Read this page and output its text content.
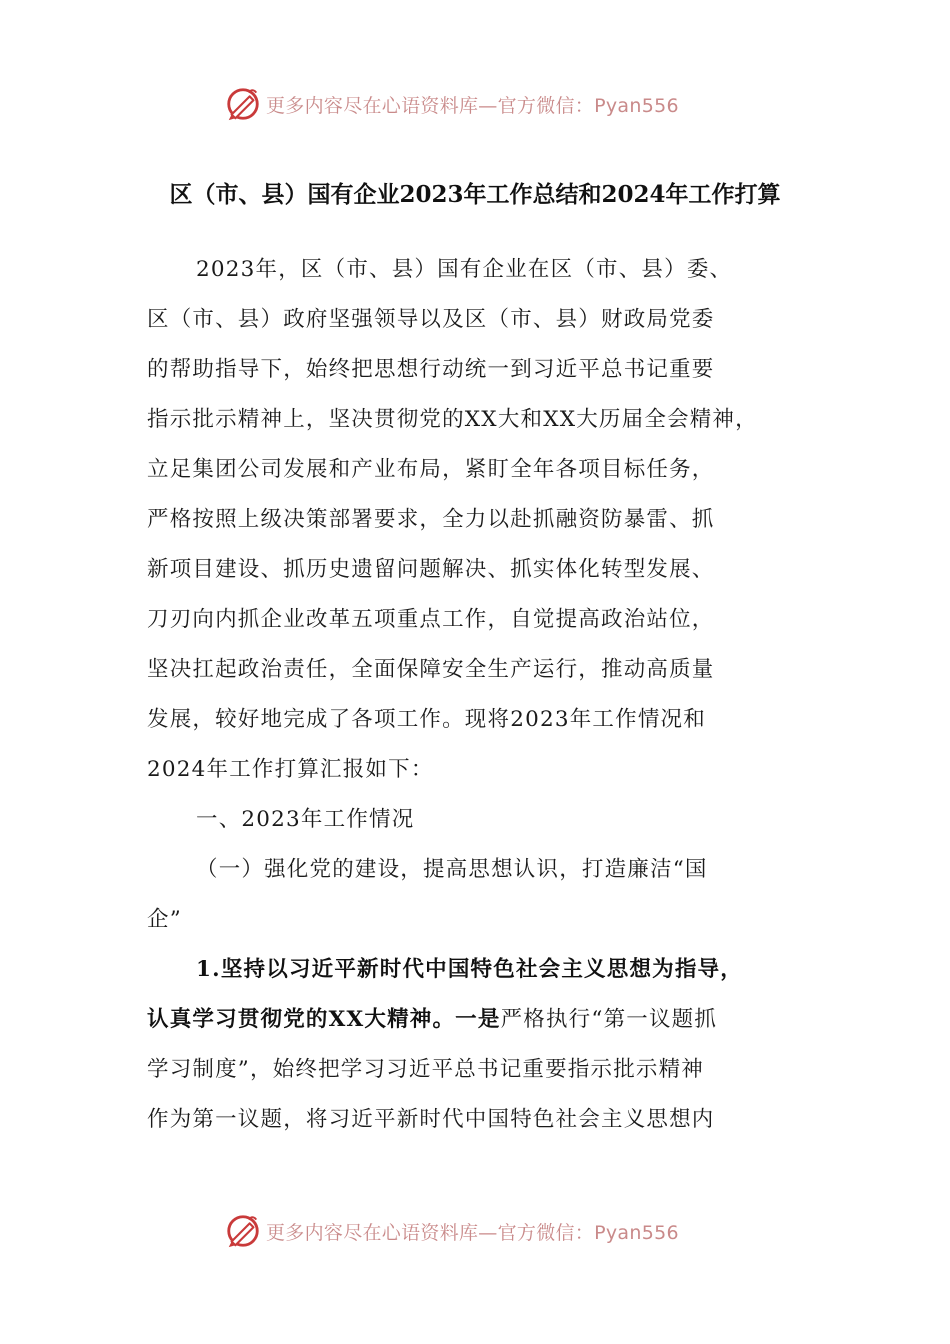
更多内容尽在心语资料库—官方微信：Pyan556
区（市、县）国有企业2023年工作总结和2024年工作打算
2023年，区（市、县）国有企业在区（市、县）委、
区（市、县）政府坚强领导以及区（市、县）财政局党委
的帮助指导下，始终把思想行动统一到习近平总书记重要
指示批示精神上，坚决贯彻党的XX大和XX大历届全会精神，
立足集团公司发展和产业布局，紧盯全年各项目标任务，
严格按照上级决策部署要求，全力以赴抓融资防暴雷、抓
新项目建设、抓历史遗留问题解决、抓实体化转型发展、
刀刃向内抓企业改革五项重点工作，自觉提高政治站位，
坚决扛起政治责任，全面保障安全生产运行，推动高质量
发展，较好地完成了各项工作。现将2023年工作情况和
2024年工作打算汇报如下：
一、2023年工作情况
（一）强化党的建设，提高思想认识，打造廉洁“国
企”
1.坚持以习近平新时代中国特色社会主义思想为指导，
认真学习贯彻党的XX大精神。一是严格执行“第一议题抓
学习制度”，始终把学习习近平总书记重要指示批示精神
作为第一议题，将习近平新时代中国特色社会主义思想内
更多内容尽在心语资料库—官方微信：Pyan556
